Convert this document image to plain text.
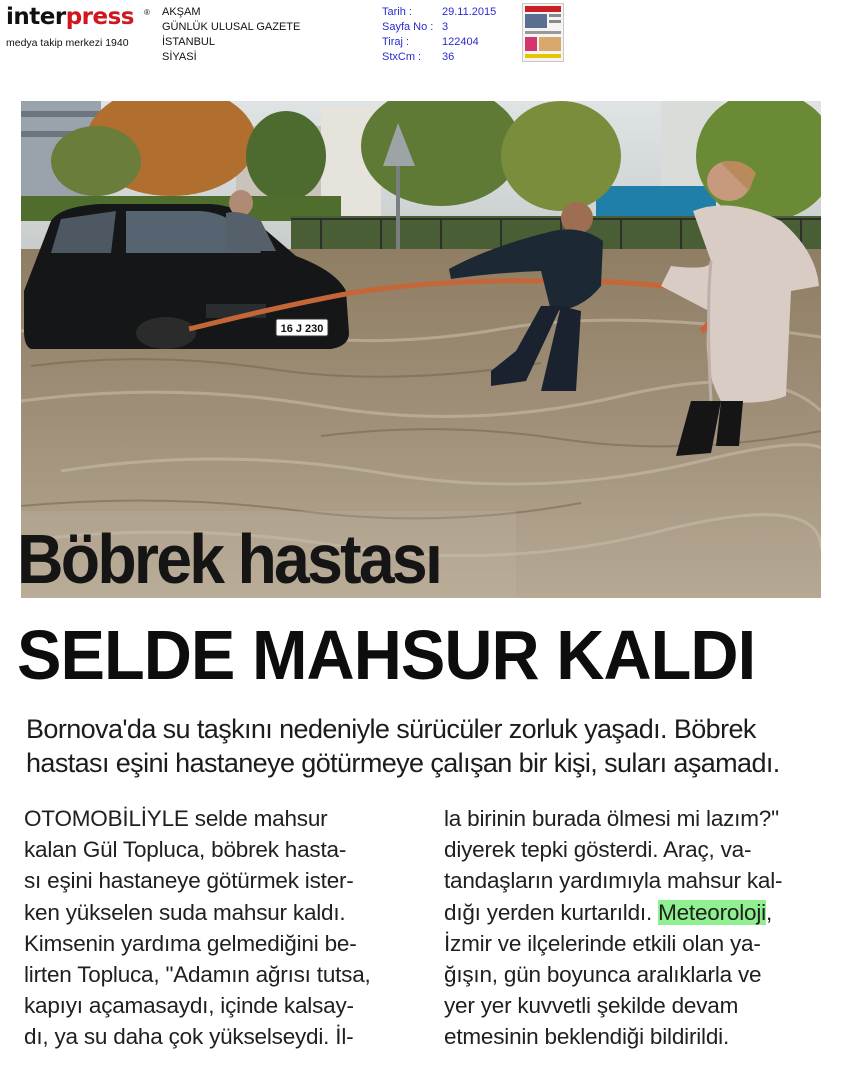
interpress ®
medya takip merkezi 1940
AKŞAM
GÜNLÜK ULUSAL GAZETE
İSTANBUL
SİYASİ
Tarih :	29.11.2015
Sayfa No : 3
Tiraj :	122404
StxCm : 36
16 J 230
Böbrek hastası
SELDE MAHSUR KALDI

Bornova'da su taşkını nedeniyle sürücüler zorluk yaşadı. Böbrek
hastası eşini hastaneye götürmeye çalışan bir kişi, suları aşamadı.

OTOMOBİLİYLE selde mahsur
kalan Gül Topluca, böbrek hasta-
sı eşini hastaneye götürmek ister-
ken yükselen suda mahsur kaldı.
Kimsenin yardıma gelmediğini be-
lirten Topluca, "Adamın ağrısı tutsa,
kapıyı açamasaydı, içinde kalsay-
dı, ya su daha çok yükselseydi. İl-

la birinin burada ölmesi mi lazım?"
diyerek tepki gösterdi. Araç, va-
tandaşların yardımıyla mahsur kal-
dığı yerden kurtarıldı. Meteoroloji,
İzmir ve ilçelerinde etkili olan ya-
ğışın, gün boyunca aralıklarla ve
yer yer kuvvetli şekilde devam
etmesinin beklendiği bildirildi.
